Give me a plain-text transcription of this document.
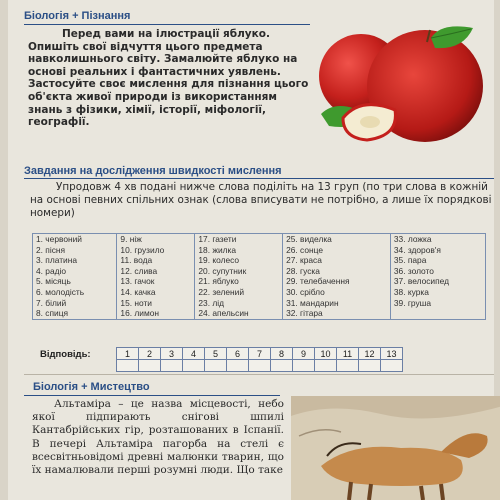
Біологія + Пізнання
Перед вами на ілюстрації яблуко. Опишіть свої відчуття цього предмета навколишнього світу. Замалюйте яблуко на основі реальних і фантастичних уявлень. Застосуйте своє мислення для пізнання цього об'єкта живої природи із використанням знань з фізики, хімії, історії, міфології, географії.
Завдання на дослідження швидкості мислення
Упродовж 4 хв подані нижче слова поділіть на 13 груп (по три слова в кожній на основі певних спільних ознак (слова вписувати не потрібно, а лише їх порядкові номери)
1. червоний	9. ніж	17. газети	25. виделка	33. ложка
2. пісня	10. грузило	18. жилка	26. сонце	34. здоров'я
3. платина	11. вода	19. колесо	27. краса	35. пара
4. радіо	12. слива	20. супутник	28. гуска	36. золото
5. місяць	13. гачок	21. яблуко	29. телебачення	37. велосипед
6. молодість	14. качка	22. зелений	30. срібло	38. курка
7. білий	15. ноти	23. лід	31. мандарин	39. груша
8. спиця	16. лимон	24. апельсин	32. гітара	
Відповідь:	1	2	3	4	5	6	7	8	9	10	11	12	13

Біологія + Мистецтво
Альтаміра – це назва місцевості, небо якої підпирають снігові шпилі Кантабрійських гір, розташованих в Іспанії. В печері Альтаміра пагорба на стелі є всесвітньовідомі древні малюнки тварин, що їх намалювали перші розумні люди. Що таке
